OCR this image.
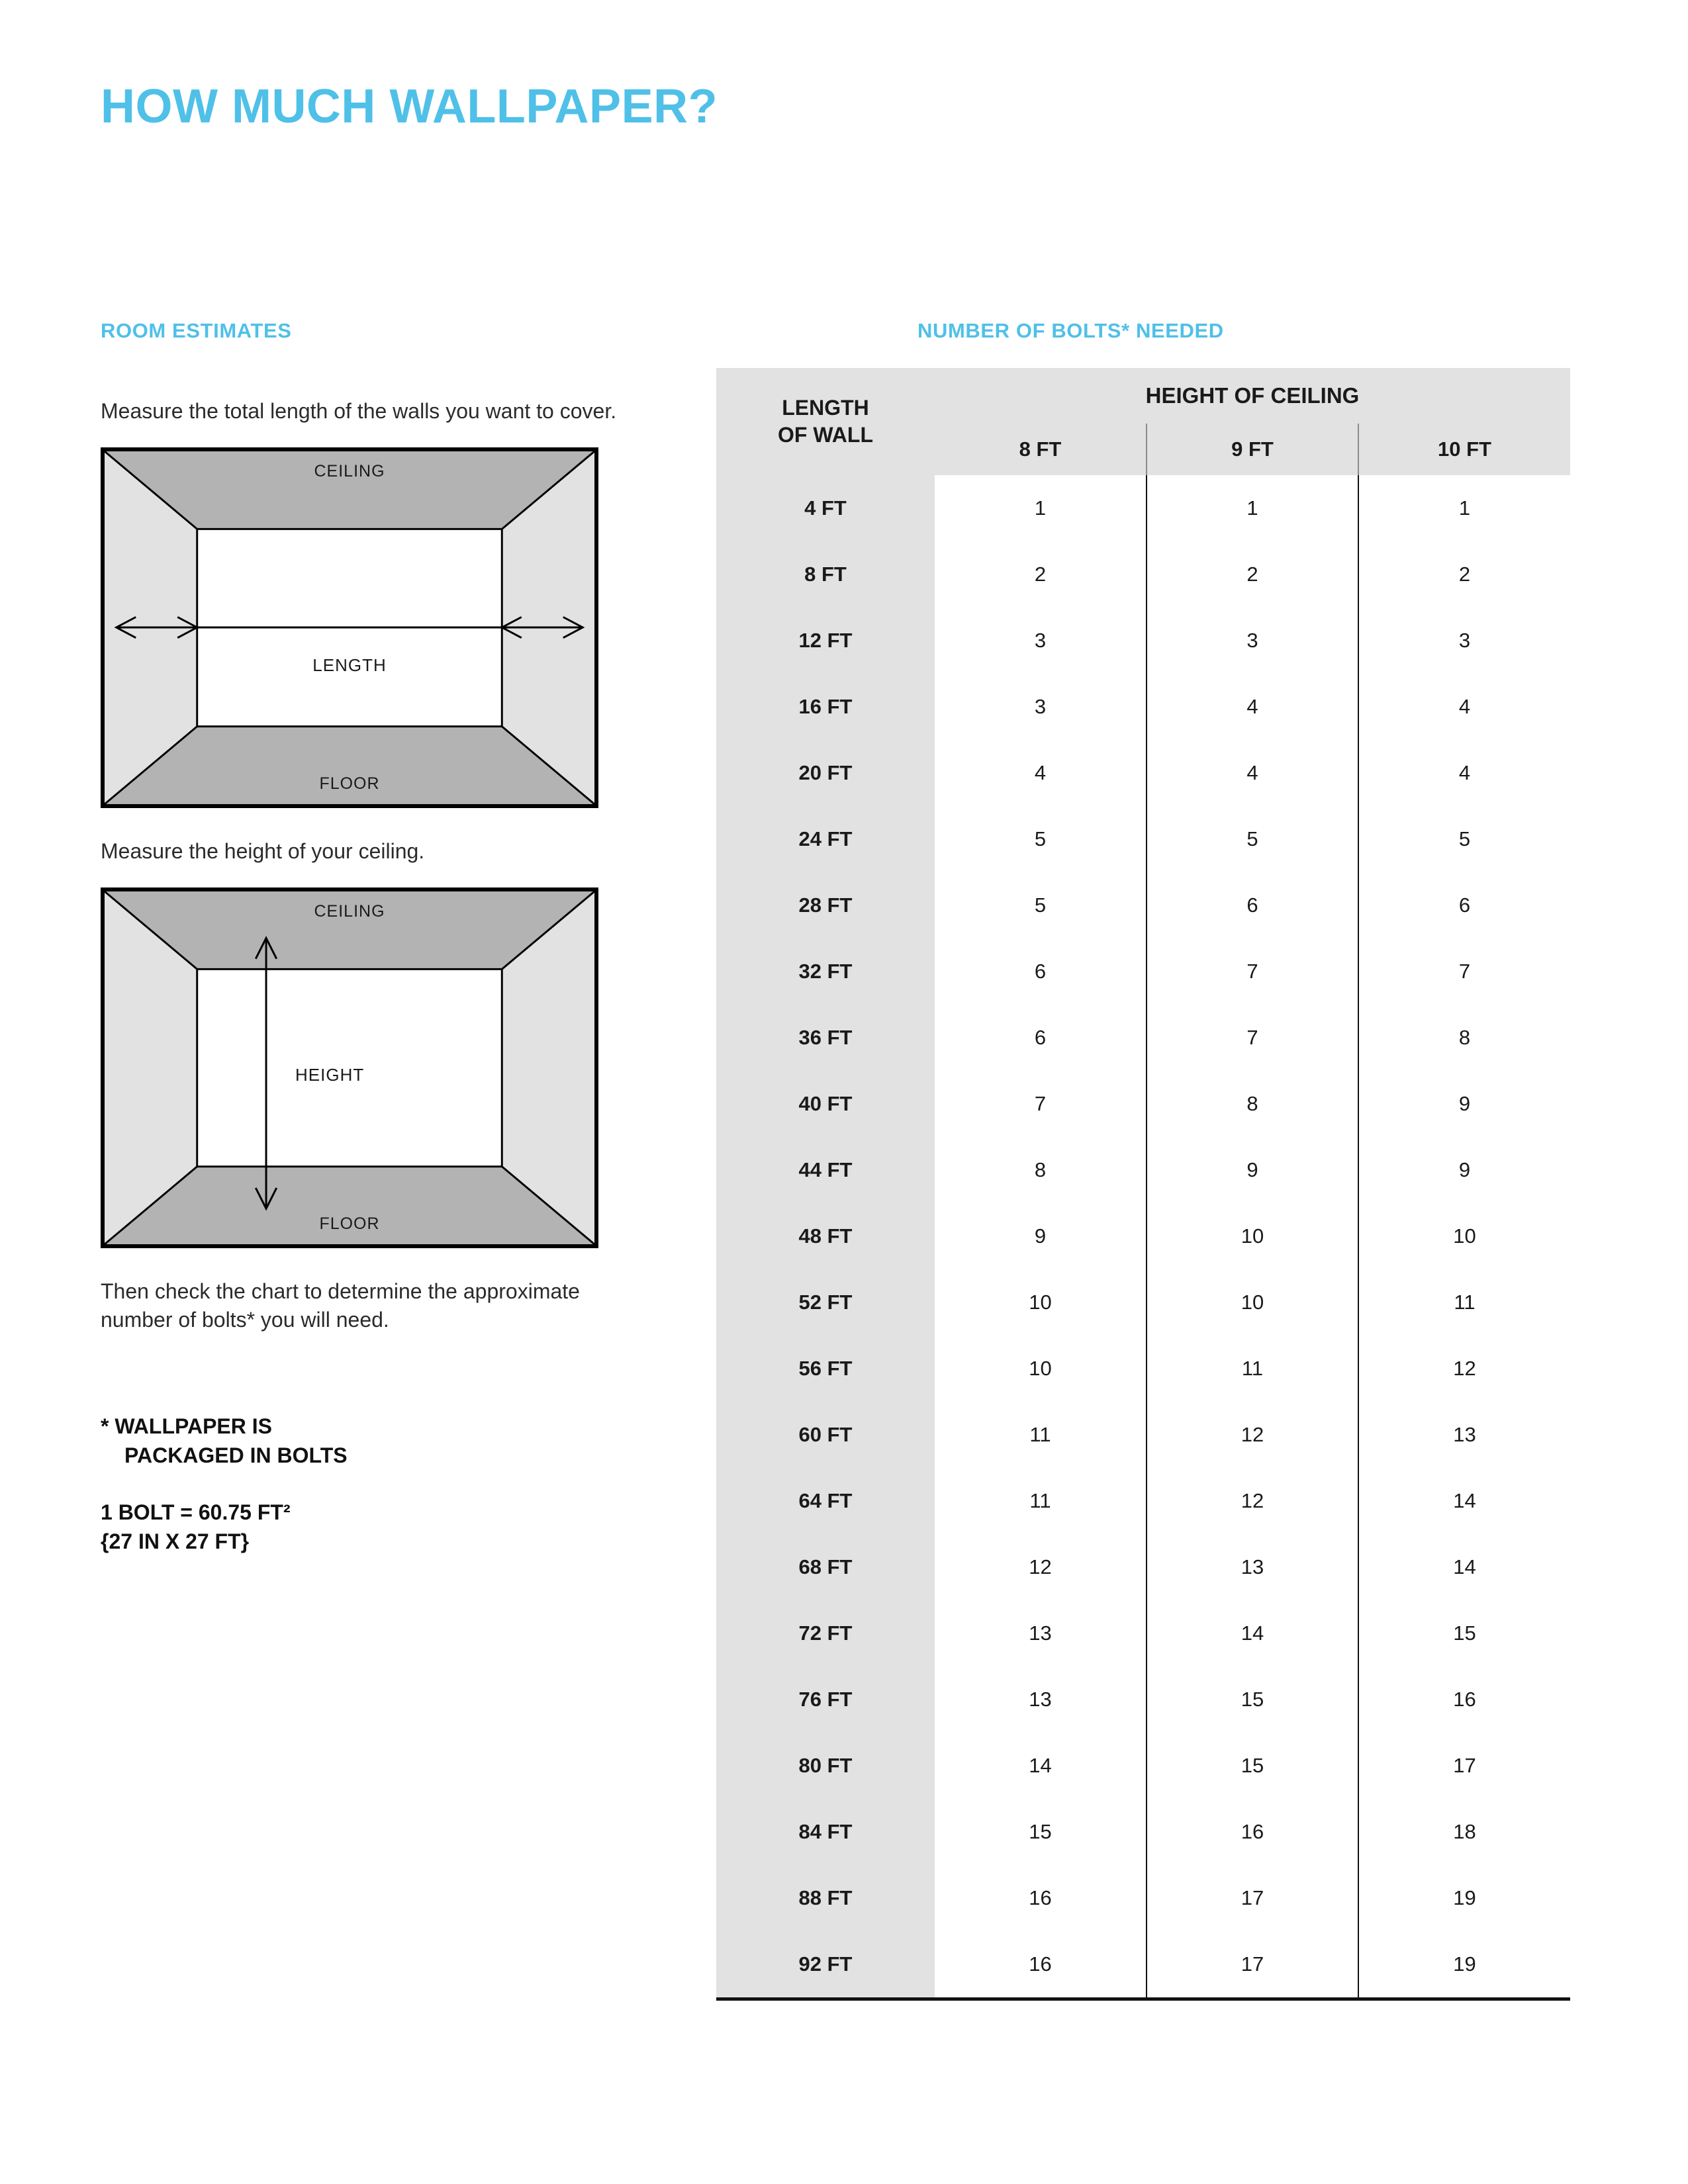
HOW MUCH WALLPAPER?
ROOM ESTIMATES	NUMBER OF BOLTS* NEEDED
Measure the total length of the walls you want to cover.
CEILING
FLOOR
LENGTH
Measure the height of your ceiling.
CEILING
FLOOR
HEIGHT
Then check the chart to determine the approximate number of bolts* you will need.
* WALLPAPER IS
PACKAGED IN BOLTS
1 BOLT = 60.75 FT²
{27 IN X 27 FT}
LENGTH
OF WALL	HEIGHT OF CEILING		
	8 FT	9 FT	10 FT
4 FT	1	1	1
8 FT	2	2	2
12 FT	3	3	3
16 FT	3	4	4
20 FT	4	4	4
24 FT	5	5	5
28 FT	5	6	6
32 FT	6	7	7
36 FT	6	7	8
40 FT	7	8	9
44 FT	8	9	9
48 FT	9	10	10
52 FT	10	10	11
56 FT	10	11	12
60 FT	11	12	13
64 FT	11	12	14
68 FT	12	13	14
72 FT	13	14	15
76 FT	13	15	16
80 FT	14	15	17
84 FT	15	16	18
88 FT	16	17	19
92 FT	16	17	19
